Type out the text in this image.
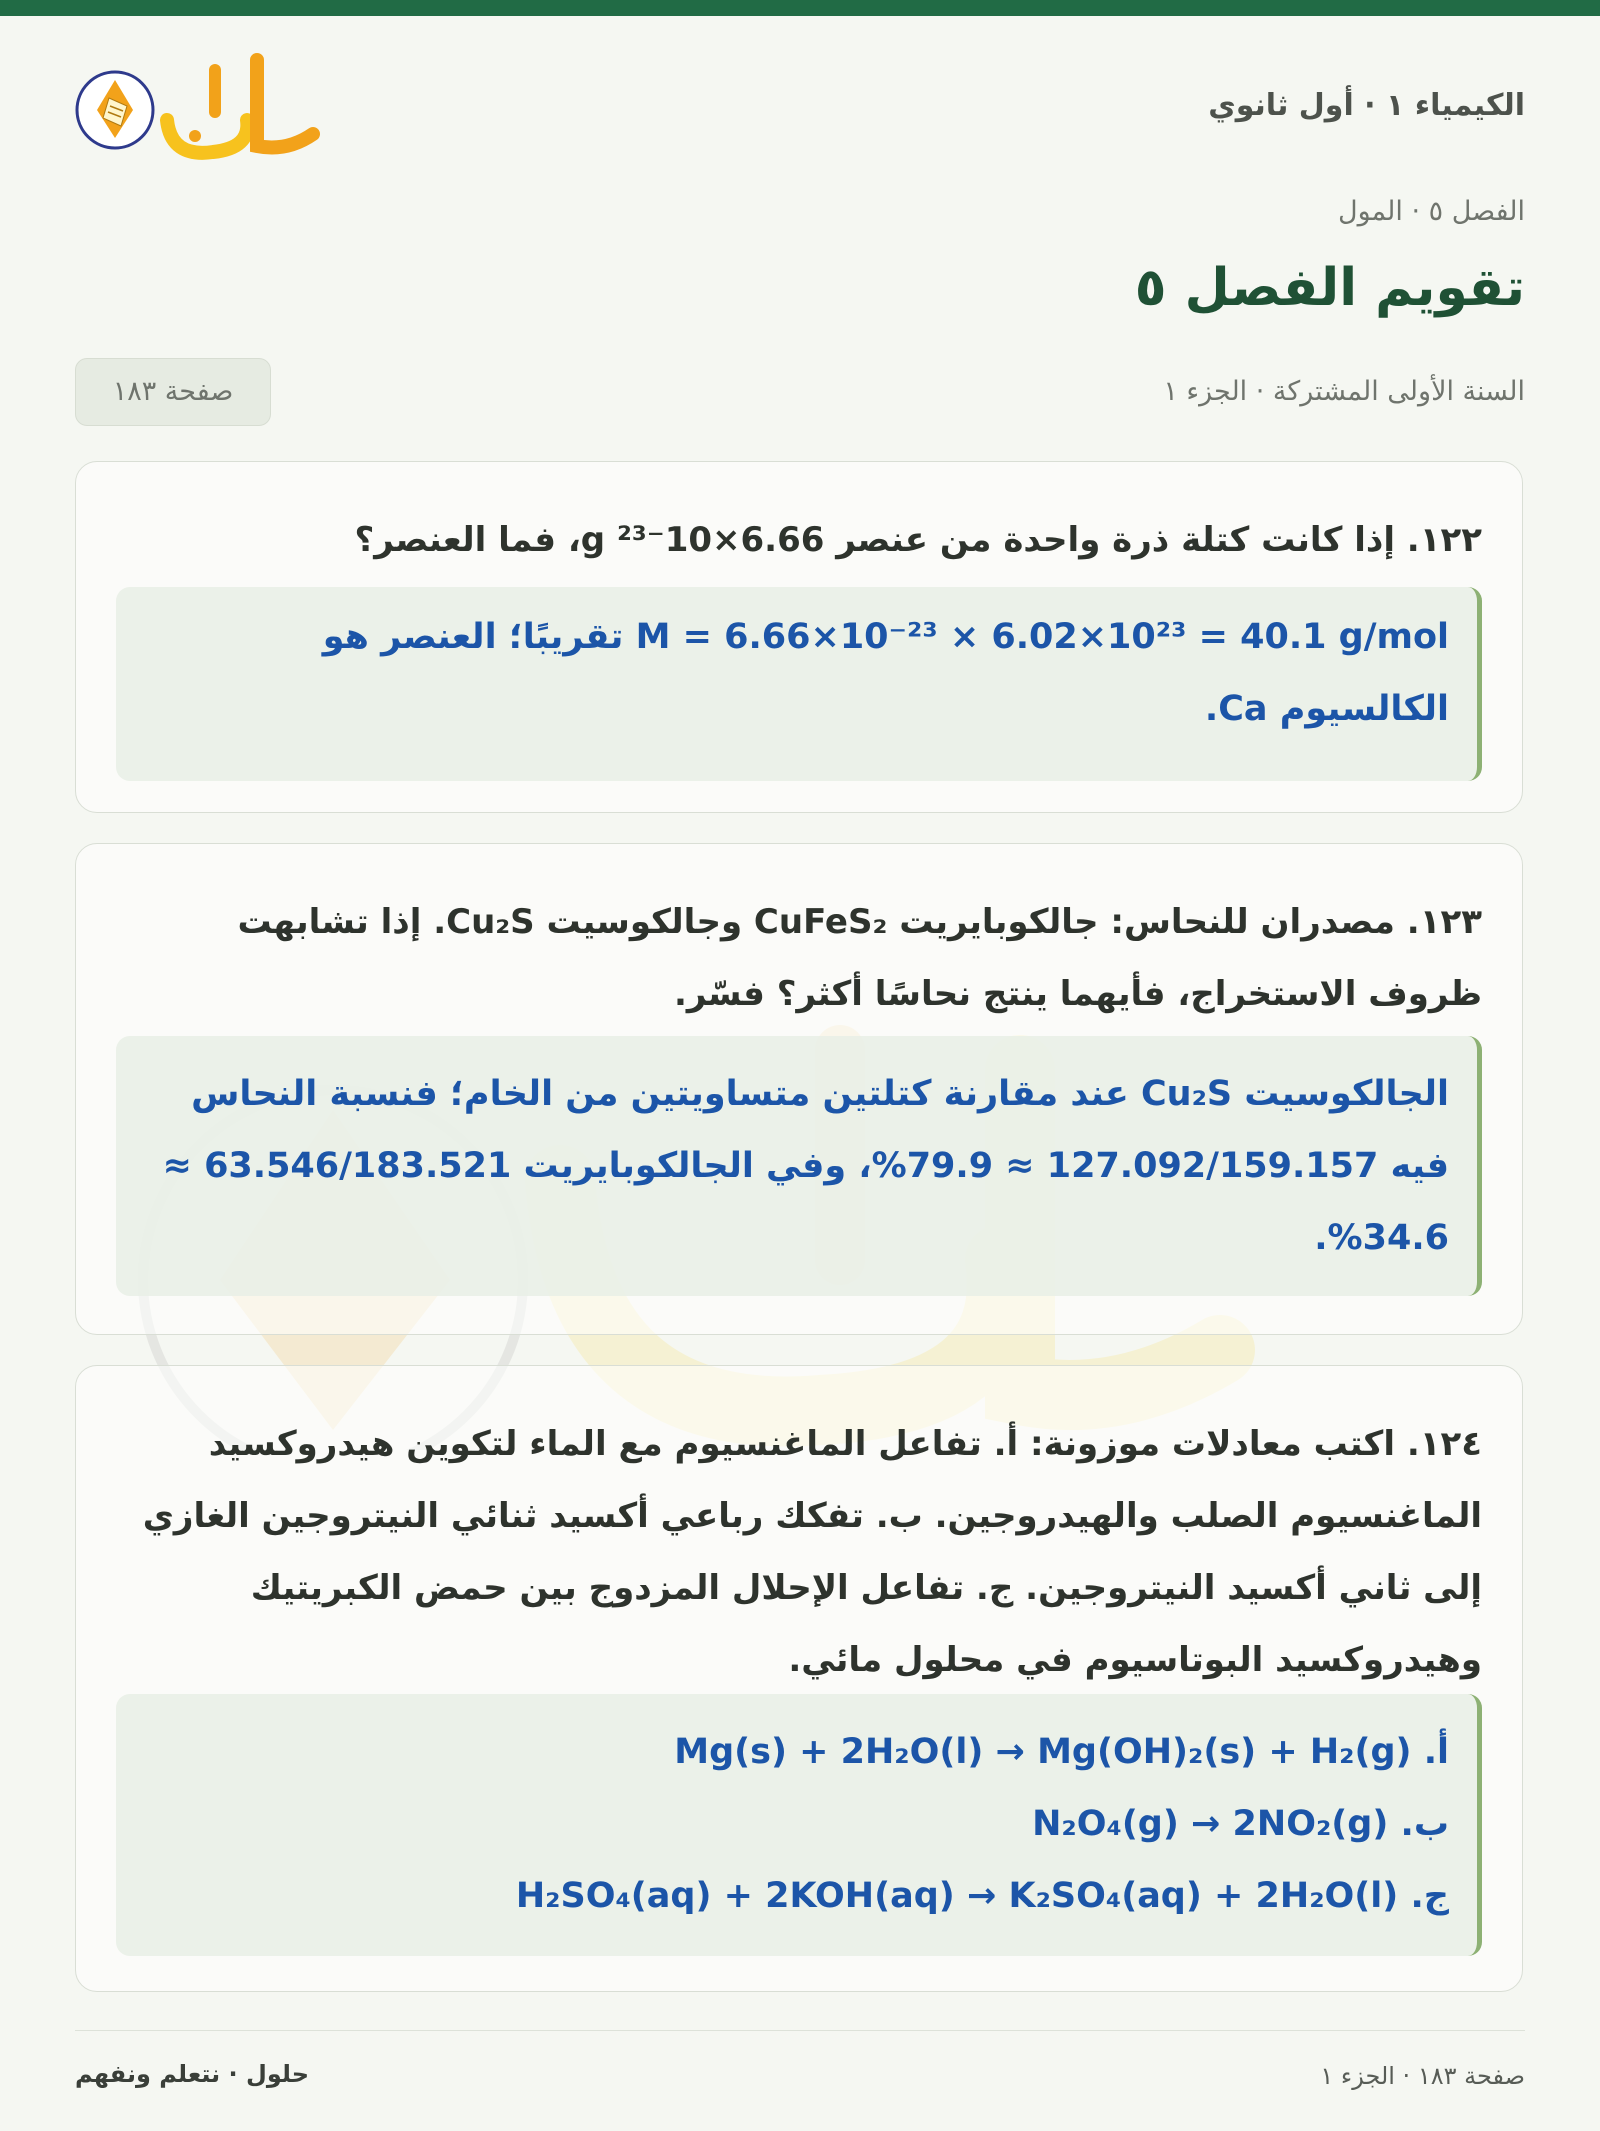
الكيمياء ١ · أول ثانوي
الفصل ٥ · المول
تقويم الفصل ٥
السنة الأولى المشتركة · الجزء ١
صفحة ١٨٣
١٢٢. إذا كانت كتلة ذرة واحدة من عنصر 6.66×10⁻²³ g، فما العنصر؟
M = 6.66×10⁻²³ × 6.02×10²³ = 40.1 g/mol تقريبًا؛ العنصر هو الكالسيوم Ca.
١٢٣. مصدران للنحاس: جالكوبايريت CuFeS₂ وجالكوسيت Cu₂S. إذا تشابهت ظروف الاستخراج، فأيهما ينتج نحاسًا أكثر؟ فسّر.
الجالكوسيت Cu₂S عند مقارنة كتلتين متساويتين من الخام؛ فنسبة النحاس فيه 127.092/159.157 ≈ 79.9%، وفي الجالكوبايريت 63.546/183.521 ≈ 34.6%.
١٢٤. اكتب معادلات موزونة: أ. تفاعل الماغنسيوم مع الماء لتكوين هيدروكسيد الماغنسيوم الصلب والهيدروجين. ب. تفكك رباعي أكسيد ثنائي النيتروجين الغازي إلى ثاني أكسيد النيتروجين. ج. تفاعل الإحلال المزدوج بين حمض الكبريتيك وهيدروكسيد البوتاسيوم في محلول مائي.
أ. Mg(s) + 2H₂O(l) → Mg(OH)₂(s) + H₂(g)
ب. N₂O₄(g) → 2NO₂(g)
ج. H₂SO₄(aq) + 2KOH(aq) → K₂SO₄(aq) + 2H₂O(l)
صفحة ١٨٣ · الجزء ١
حلول · نتعلم ونفهم
